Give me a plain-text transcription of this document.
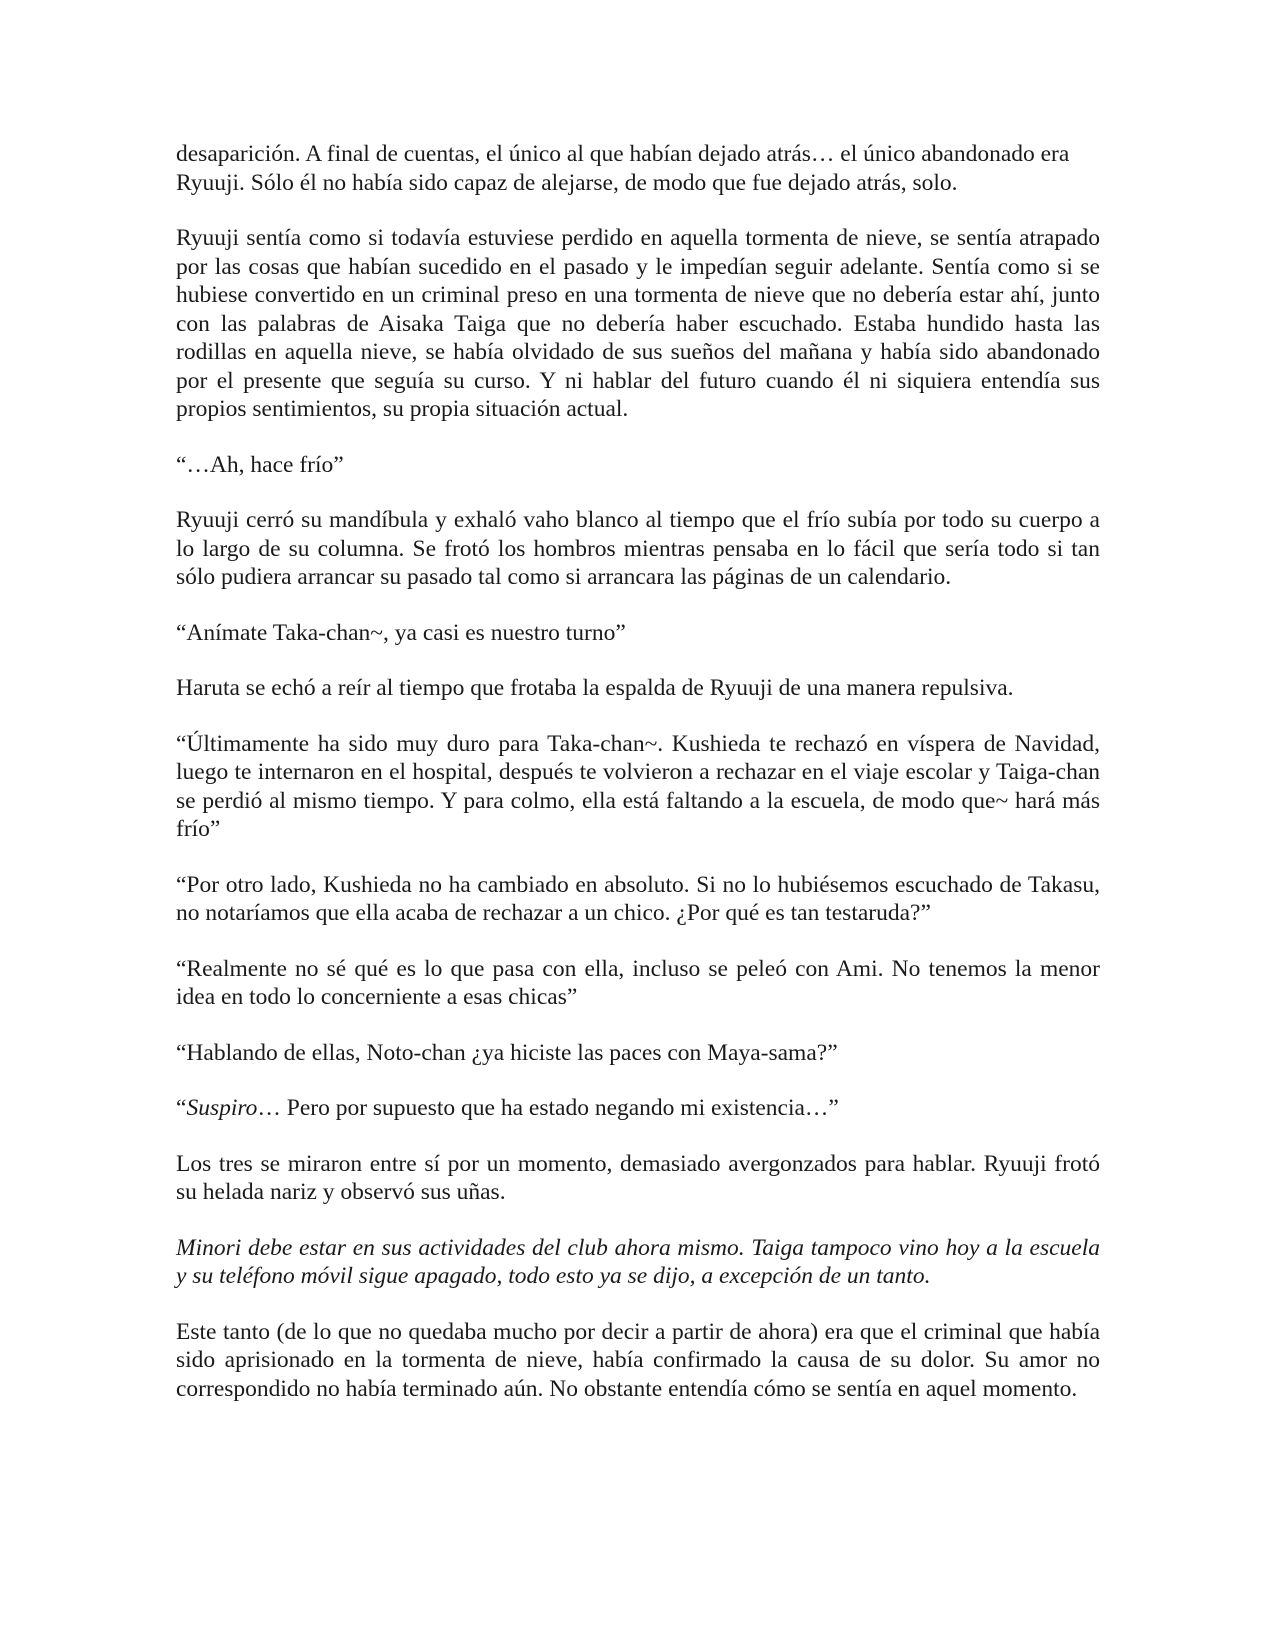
desaparición. A final de cuentas, el único al que habían dejado atrás… el único abandonado era Ryuuji. Sólo él no había sido capaz de alejarse, de modo que fue dejado atrás, solo.

Ryuuji sentía como si todavía estuviese perdido en aquella tormenta de nieve, se sentía atrapado por las cosas que habían sucedido en el pasado y le impedían seguir adelante. Sentía como si se hubiese convertido en un criminal preso en una tormenta de nieve que no debería estar ahí, junto con las palabras de Aisaka Taiga que no debería haber escuchado. Estaba hundido hasta las rodillas en aquella nieve, se había olvidado de sus sueños del mañana y había sido abandonado por el presente que seguía su curso. Y ni hablar del futuro cuando él ni siquiera entendía sus propios sentimientos, su propia situación actual.

“…Ah, hace frío”

Ryuuji cerró su mandíbula y exhaló vaho blanco al tiempo que el frío subía por todo su cuerpo a lo largo de su columna. Se frotó los hombros mientras pensaba en lo fácil que sería todo si tan sólo pudiera arrancar su pasado tal como si arrancara las páginas de un calendario.

“Anímate Taka-chan~, ya casi es nuestro turno”

Haruta se echó a reír al tiempo que frotaba la espalda de Ryuuji de una manera repulsiva.

“Últimamente ha sido muy duro para Taka-chan~. Kushieda te rechazó en víspera de Navidad, luego te internaron en el hospital, después te volvieron a rechazar en el viaje escolar y Taiga-chan se perdió al mismo tiempo. Y para colmo, ella está faltando a la escuela, de modo que~ hará más frío”

“Por otro lado, Kushieda no ha cambiado en absoluto. Si no lo hubiésemos escuchado de Takasu, no notaríamos que ella acaba de rechazar a un chico. ¿Por qué es tan testaruda?”

“Realmente no sé qué es lo que pasa con ella, incluso se peleó con Ami. No tenemos la menor idea en todo lo concerniente a esas chicas”

“Hablando de ellas, Noto-chan ¿ya hiciste las paces con Maya-sama?”

“Suspiro… Pero por supuesto que ha estado negando mi existencia…”

Los tres se miraron entre sí por un momento, demasiado avergonzados para hablar. Ryuuji frotó su helada nariz y observó sus uñas.

Minori debe estar en sus actividades del club ahora mismo. Taiga tampoco vino hoy a la escuela y su teléfono móvil sigue apagado, todo esto ya se dijo, a excepción de un tanto.

Este tanto (de lo que no quedaba mucho por decir a partir de ahora) era que el criminal que había sido aprisionado en la tormenta de nieve, había confirmado la causa de su dolor. Su amor no correspondido no había terminado aún. No obstante entendía cómo se sentía en aquel momento.
